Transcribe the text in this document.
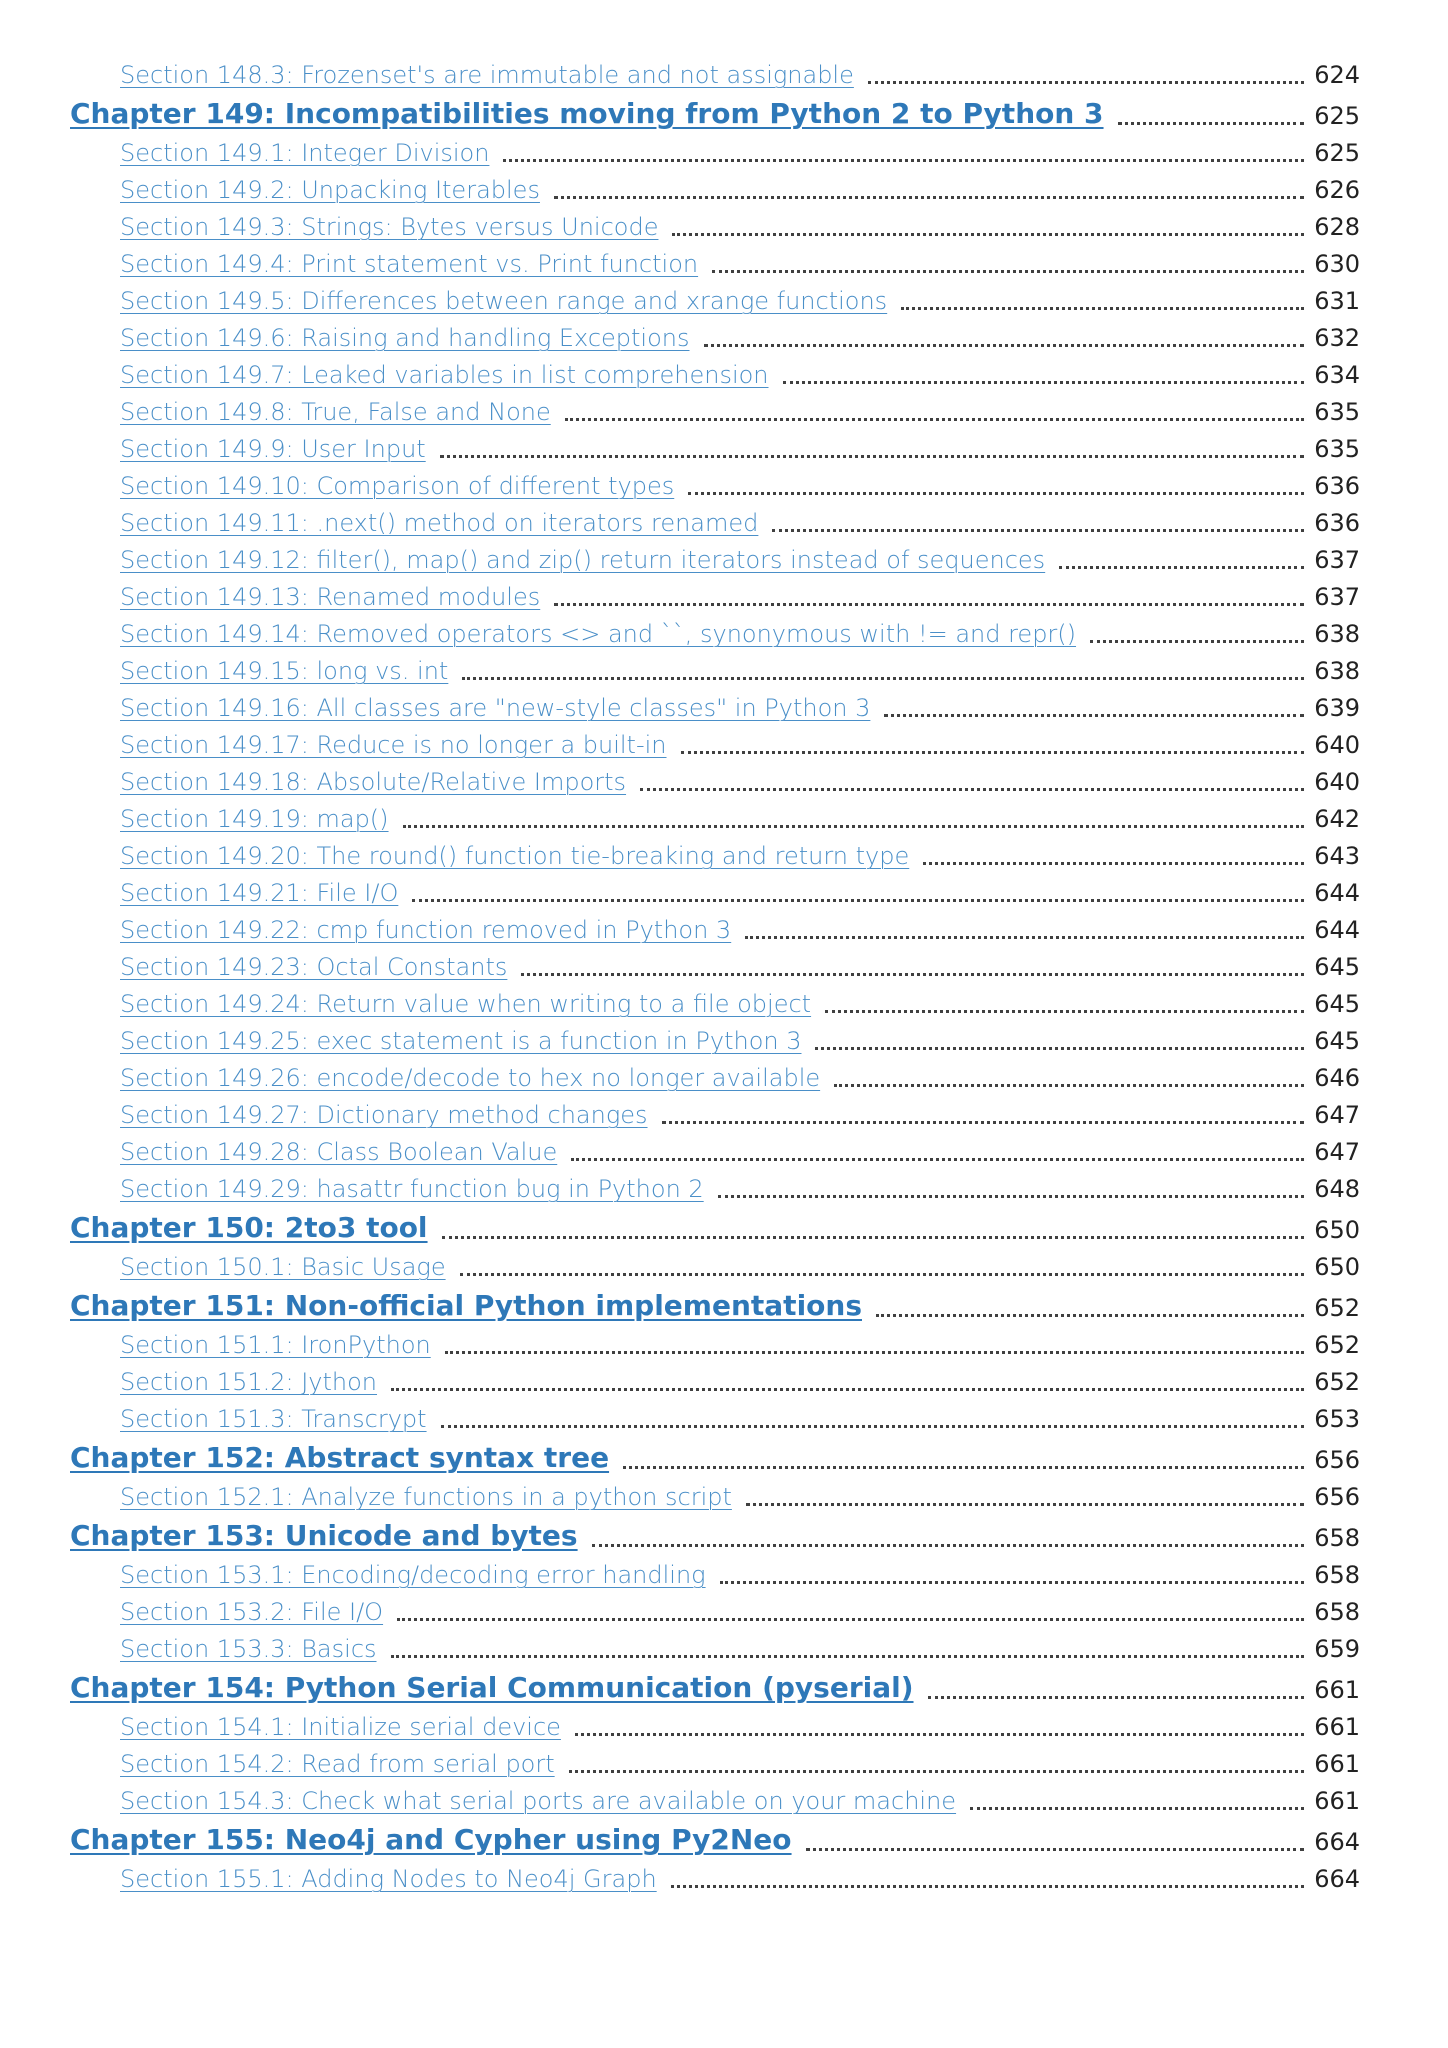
Section 148.3: Frozenset's are immutable and not assignable	624
Chapter 149: Incompatibilities moving from Python 2 to Python 3	625
Section 149.1: Integer Division	625
Section 149.2: Unpacking Iterables	626
Section 149.3: Strings: Bytes versus Unicode	628
Section 149.4: Print statement vs. Print function	630
Section 149.5: Differences between range and xrange functions	631
Section 149.6: Raising and handling Exceptions	632
Section 149.7: Leaked variables in list comprehension	634
Section 149.8: True, False and None	635
Section 149.9: User Input	635
Section 149.10: Comparison of different types	636
Section 149.11: .next() method on iterators renamed	636
Section 149.12: filter(), map() and zip() return iterators instead of sequences	637
Section 149.13: Renamed modules	637
Section 149.14: Removed operators <> and ``, synonymous with != and repr()	638
Section 149.15: long vs. int	638
Section 149.16: All classes are "new-style classes" in Python 3	639
Section 149.17: Reduce is no longer a built-in	640
Section 149.18: Absolute/Relative Imports	640
Section 149.19: map()	642
Section 149.20: The round() function tie-breaking and return type	643
Section 149.21: File I/O	644
Section 149.22: cmp function removed in Python 3	644
Section 149.23: Octal Constants	645
Section 149.24: Return value when writing to a file object	645
Section 149.25: exec statement is a function in Python 3	645
Section 149.26: encode/decode to hex no longer available	646
Section 149.27: Dictionary method changes	647
Section 149.28: Class Boolean Value	647
Section 149.29: hasattr function bug in Python 2	648
Chapter 150: 2to3 tool	650
Section 150.1: Basic Usage	650
Chapter 151: Non-official Python implementations	652
Section 151.1: IronPython	652
Section 151.2: Jython	652
Section 151.3: Transcrypt	653
Chapter 152: Abstract syntax tree	656
Section 152.1: Analyze functions in a python script	656
Chapter 153: Unicode and bytes	658
Section 153.1: Encoding/decoding error handling	658
Section 153.2: File I/O	658
Section 153.3: Basics	659
Chapter 154: Python Serial Communication (pyserial)	661
Section 154.1: Initialize serial device	661
Section 154.2: Read from serial port	661
Section 154.3: Check what serial ports are available on your machine	661
Chapter 155: Neo4j and Cypher using Py2Neo	664
Section 155.1: Adding Nodes to Neo4j Graph	664
